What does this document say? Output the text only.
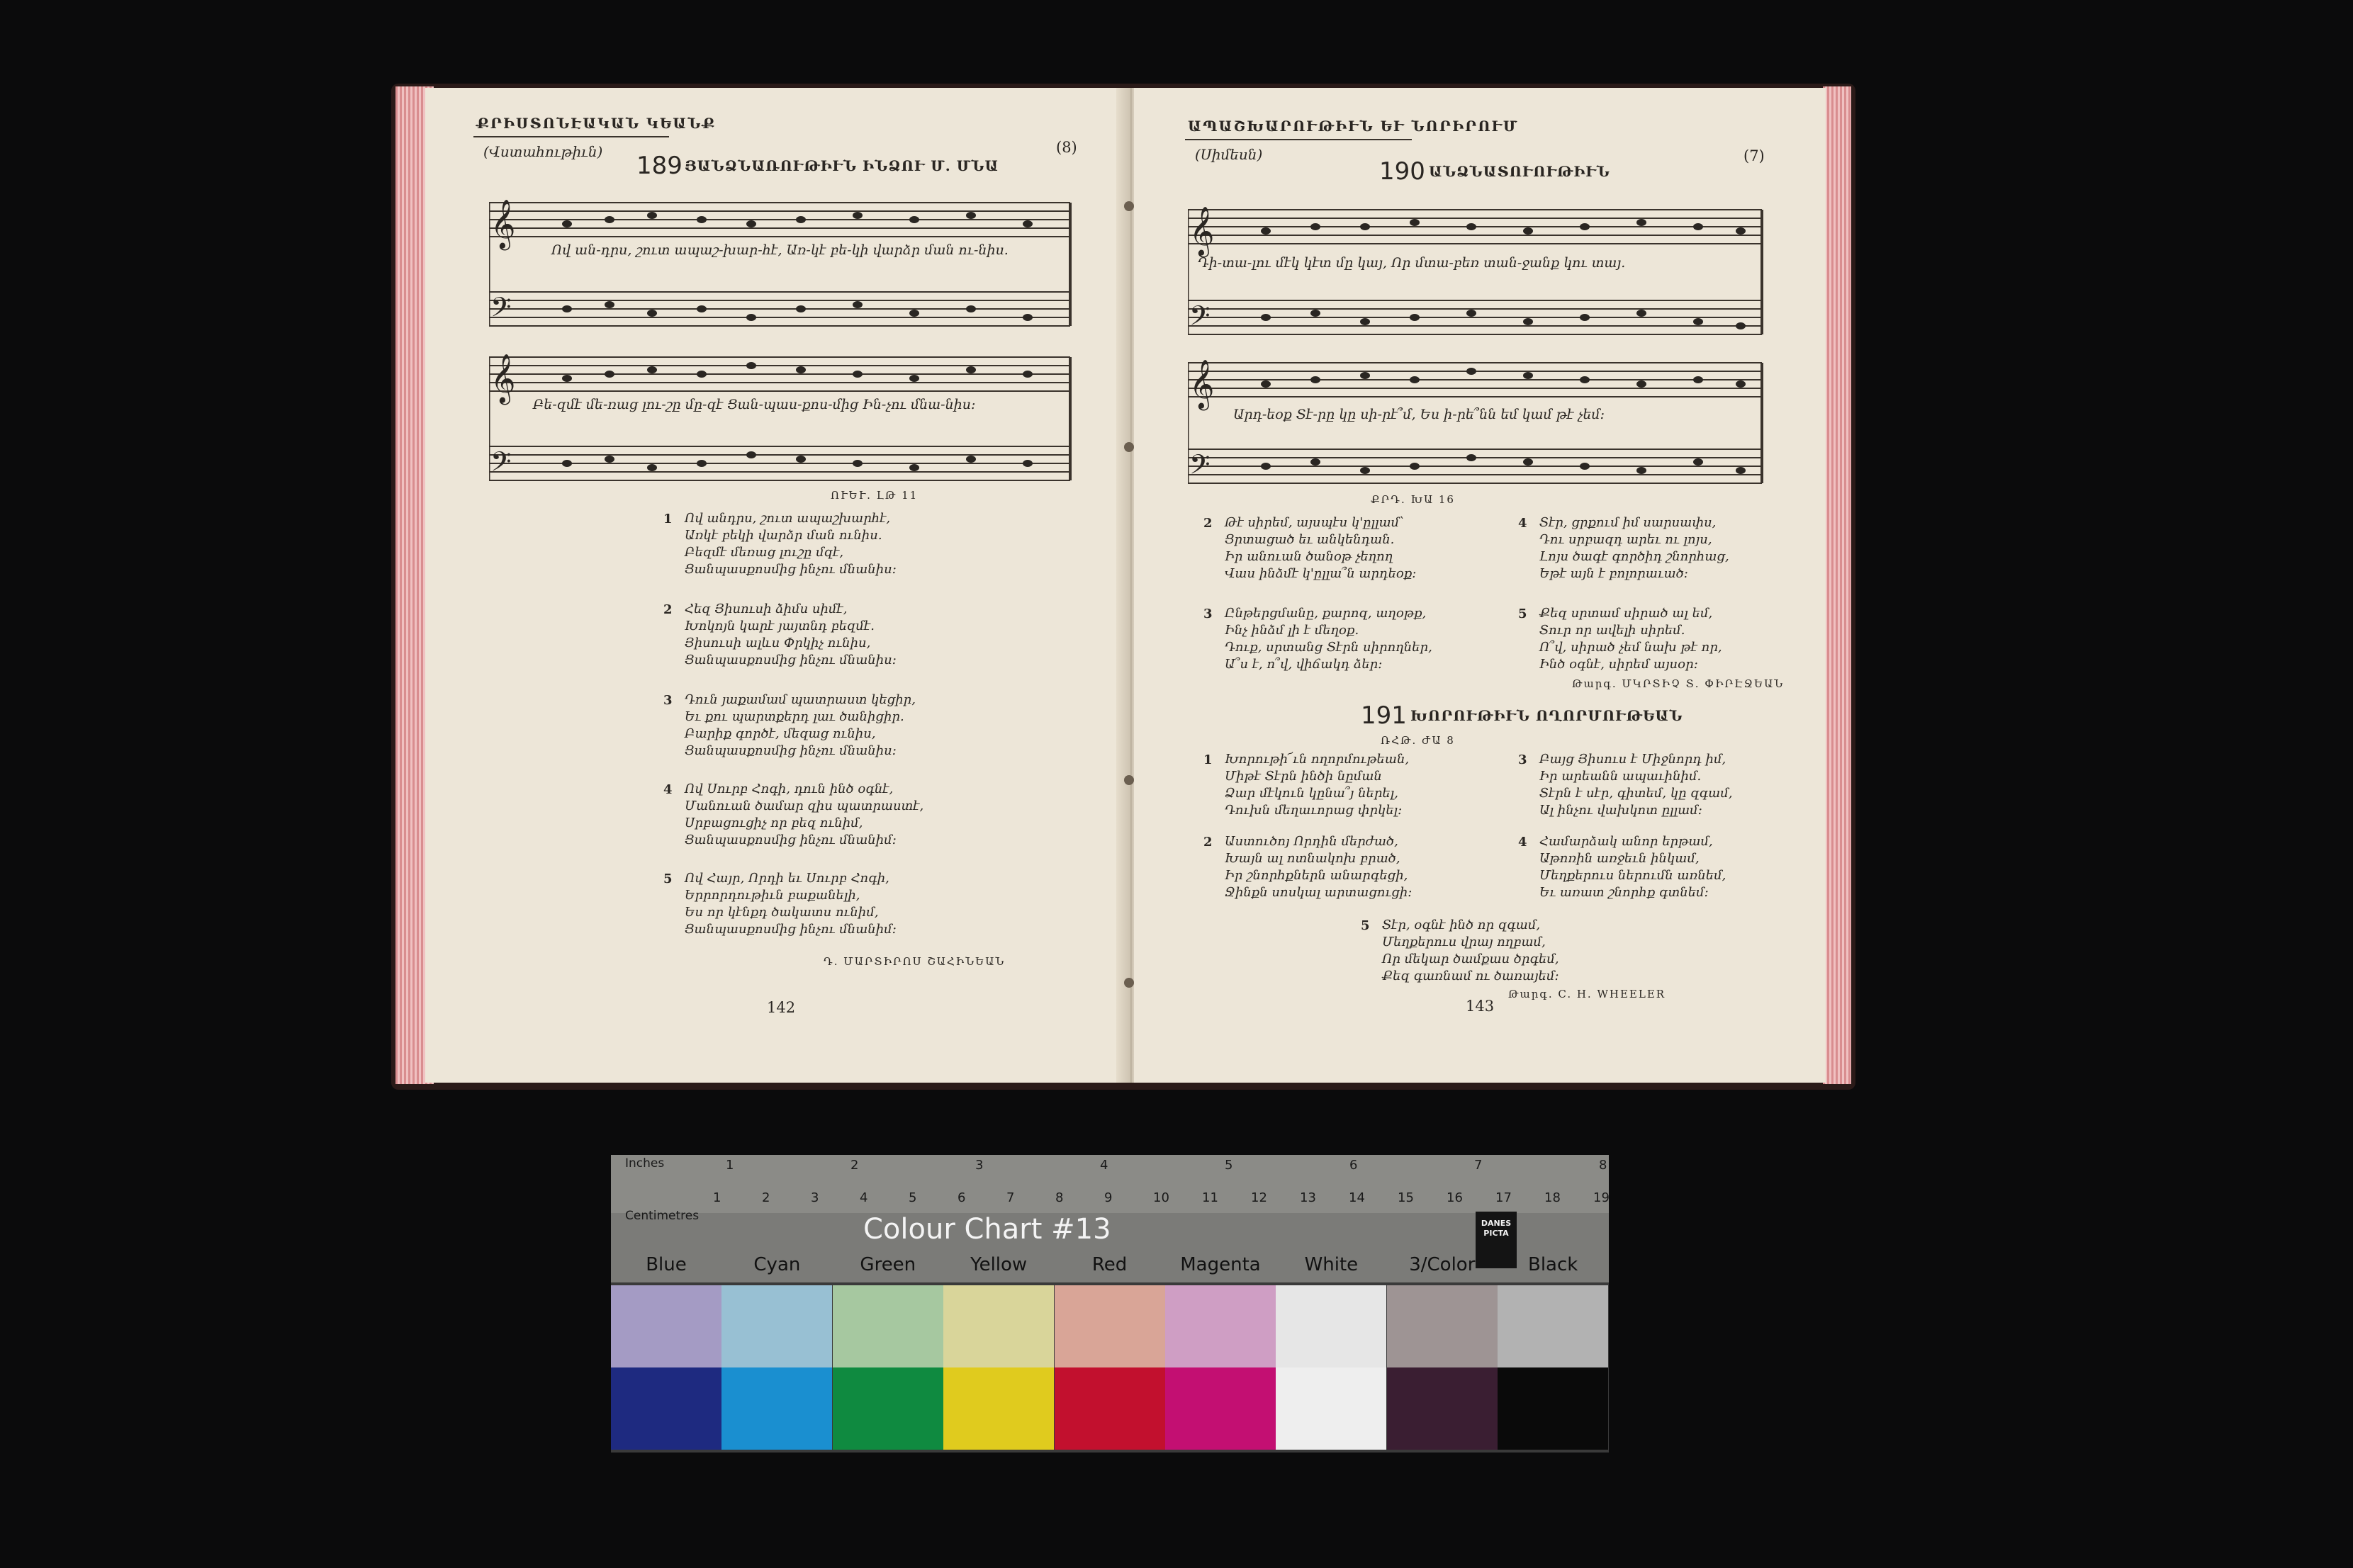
ՔՐԻՍՏՈՆԷԱԿԱՆ ԿԵԱՆՔ
(Վստահութիւն)	(8)
189 ՅԱՆՁՆԱՌՈՒԹԻՒՆ ԻՆՁՈՒ Մ. ՄՆԱ
𝄞
𝄢
𝄞
𝄢
Ով ան-դրս, շուտ ապաշ-խար-հէ, Առ-կէ բե-կի վարձր ման ու-նիս.
Բե-զմէ մե-ռաց լու-շը մը-զէ Ցան-պաս-քոս-մից Ին-չու մնա-նիս:
ՈՒԵՒ. ԼԹ 11
1 Ով անդրս, շուտ ապաշխարհէ,
Առկէ բեկի վարձր ման ունիս.
Բեզմէ մեռաց լուշը մզէ,
Ցանպասքոսմից ինչու մնանիս:
2 Հեզ Յիսուսի ձիմս սիմէ,
Խոկոյն կարէ յայտնդ բեզմէ.
Յիսուսի ալևս Փրկիչ ունիս,
Ցանպասքոսմից ինչու մնանիս:
3 Դուն յաքամամ պատրաստ կեցիր,
Եւ քու պարտքերդ լաւ ծանիցիր.
Բարիք գործէ, մեզաց ունիս,
Ցանպասքոսմից ինչու մնանիս:
4 Ով Սուրբ Հոգի, դուն ինծ օգնէ,
Մանուան ծամար զիս պատրաստէ,
Սրբացուցիչ որ բեզ ունիմ,
Ցանպասքոսմից ինչու մնանիմ:
5 Ով Հայր, Որդի եւ Սուրբ Հոգի,
Երրորդութիւն բաքանելի,
Ես որ կէնքդ ծակատս ունիմ,
Ցանպասքոսմից ինչու մնանիմ:
Դ. ՄԱՐՏԻՐՈՍ ՇԱՀԻՆԵԱՆ
142
ԱՊԱՇԽԱՐՈՒԹԻՒՆ ԵՒ ՆՈՐԻՐՈՒՄ
(Սիմեսն)	(7)
190 ԱՆՁՆԱՏՈՒՈՒԹԻՒՆ
𝄞
𝄢
𝄞
𝄢
Դի-տա-լու մէկ կէտ մը կայ, Որ մտա-բեռ տան-ջանք կու տայ.
Արդ-եօք Տէ-րը կը սի-րէ՞մ, Ես ի-րե՞նն եմ կամ թէ չեմ:
ՔՐԴ. ԽԱ 16
2 Թէ սիրեմ, այսպէս կ'ըլլամ՝
Ցրտացած եւ անկենդան.
Իր անուան ծանօթ չեղող
Վաս ինձմէ կ'ըլլա՞ն արդեօք:
4 Տէր, ցրքում իմ սարսափս,
Դու սրբազդ արեւ ու լոյս,
Լոյս ծագէ գործիդ շնորհաց,
Եթէ այն է բոլորաւած:
3 Ընթերցմանը, քարոզ, աղօթք,
Ինչ ինձմ լի է մեղօք.
Դուք, սրտանց Տէրն սիրողներ,
Ա՞ս է, ո՞վ, վիճակդ ձեր:
5 Քեզ սրտամ սիրած ալ եմ,
Տուր որ ավելի սիրեմ.
Ո՞վ, սիրած չեմ նախ թէ որ,
Ինծ օգնէ, սիրեմ այսօր:
Թարգ. ՄԿՐՏԻՉ Տ. ՓԻՐԷՋԵԱՆ
191 ԽՈՐՈՒԹԻՒՆ ՈՂՈՐՄՈՒԹԵԱՆ
ՌՀԹ. ԺԱ 8
1 Խորութի՜ւն ողորմութեան,
Միթէ Տէրն ինծի նըման
Ձար մէկուն կընա՞յ ներել,
Դուխն մեղաւորաց փրկել:
3 Բայց Յիսուս է Միջնորդ իմ,
Իր արեանն ապաւինիմ.
Տէրն է սէր, գիտեմ, կը զգամ,
Ալ ինչու վախկոտ ըլլամ:
2 Աստուծոյ Որդին մերժած,
Խայն ալ ոտնակոխ բրած,
Իր շնորհքներն անարգեցի,
Ջինքն սոսկալ արտացուցի:
4 Համարձակ անոր երթամ,
Աթոռին առջեւն ինկամ,
Մեղքերուս ներումն առնեմ,
Եւ առատ շնորհք գտնեմ:
5 Տէր, օգնէ ինծ որ զգամ,
Մեղքերուս վրայ ողբամ,
Որ մեկար ծամքաս ծրգեմ,
Քեզ գառնամ ու ծառայեմ:
Թարգ. C. H. WHEELER
143
Inches
Centimetres
1	2	3	4	5	6	7	8
1	2	3	4	5	6	7	8	9	10	11	12	13	14	15	16	17	18	19
Colour Chart #13	DANES PICTA
Blue	Cyan	Green	Yellow	Red	Magenta	White	3/Color	Black
